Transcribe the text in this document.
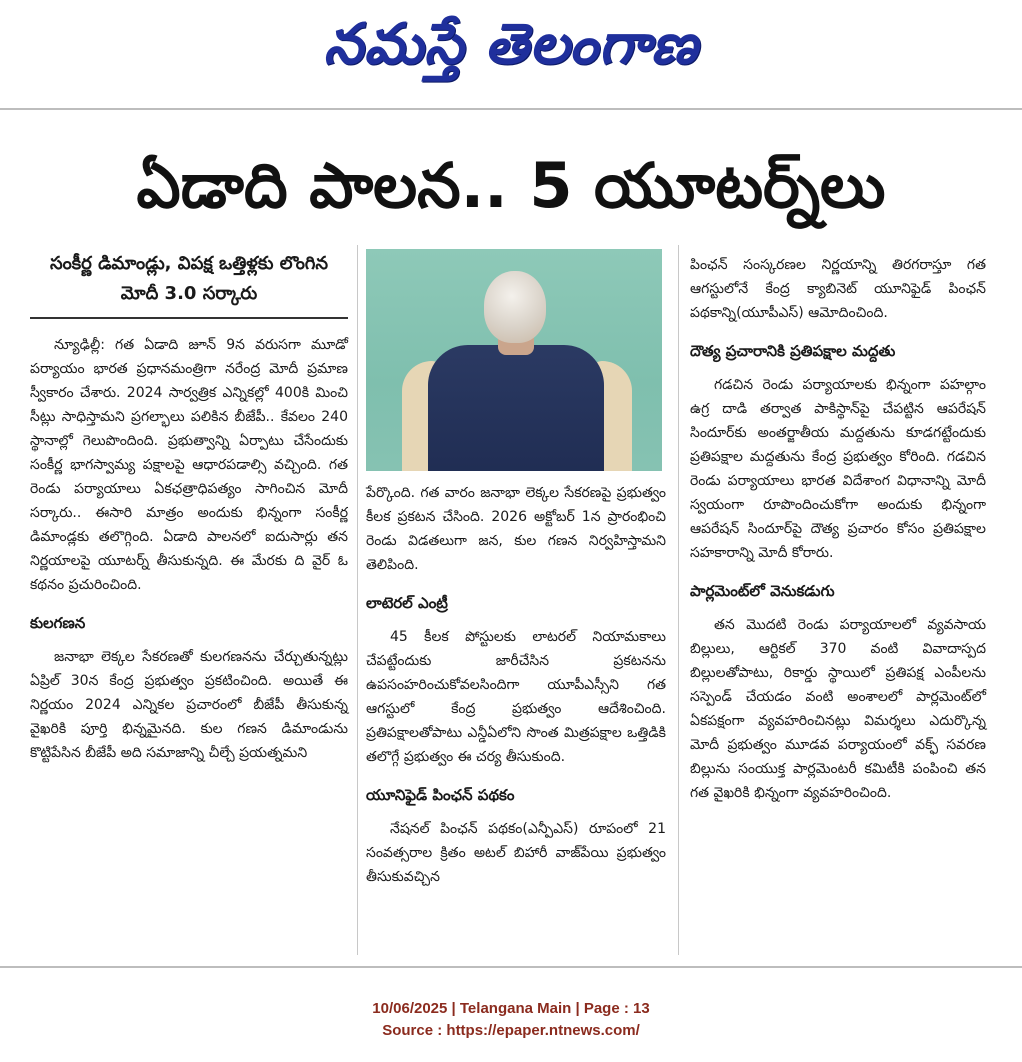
నమస్తే తెలంగాణ
ఏడాది పాలన.. 5 యూటర్న్‌లు
సంకీర్ణ డిమాండ్లు, విపక్ష ఒత్తిళ్లకు లొంగిన మోదీ 3.0 సర్కారు

న్యూఢిల్లీ: గత ఏడాది జూన్ 9న వరుసగా మూడో పర్యాయం భారత ప్రధానమంత్రిగా నరేంద్ర మోదీ ప్రమాణ స్వీకారం చేశారు. 2024 సార్వత్రిక ఎన్నికల్లో 400కి మించి సీట్లు సాధిస్తామని ప్రగల్భాలు పలికిన బీజేపీ.. కేవలం 240 స్థానాల్లో గెలుపొందింది. ప్రభుత్వాన్ని ఏర్పాటు చేసేందుకు సంకీర్ణ భాగస్వామ్య పక్షాలపై ఆధారపడాల్సి వచ్చింది. గత రెండు పర్యాయాలు ఏకఛత్రాధిపత్యం సాగించిన మోదీ సర్కారు.. ఈసారి మాత్రం అందుకు భిన్నంగా సంకీర్ణ డిమాండ్లకు తలొగ్గింది. ఏడాది పాలనలో ఐదుసార్లు తన నిర్ణయాలపై యూటర్న్ తీసుకున్నది. ఈ మేరకు ది వైర్ ఓ కథనం ప్రచురించింది.

కులగణన

జనాభా లెక్కల సేకరణతో కులగణనను చేర్చుతున్నట్లు ఏప్రిల్ 30న కేంద్ర ప్రభుత్వం ప్రకటించింది. అయితే ఈ నిర్ణయం 2024 ఎన్నికల ప్రచారంలో బీజేపీ తీసుకున్న వైఖరికి పూర్తి భిన్నమైనది. కుల గణన డిమాండును కొట్టిపేసిన బీజేపీ అది సమాజాన్ని చీల్చే ప్రయత్నమని

పేర్కొంది. గత వారం జనాభా లెక్కల సేకరణపై ప్రభుత్వం కీలక ప్రకటన చేసింది. 2026 అక్టోబర్ 1న ప్రారంభించి రెండు విడతలుగా జన, కుల గణన నిర్వహిస్తామని తెలిపింది.

లాటెరల్ ఎంట్రీ

45 కీలక పోస్టులకు లాటరల్ నియామకాలు చేపట్టేందుకు జారీచేసిన ప్రకటనను ఉపసంహరించుకోవలసిందిగా యూపీఎస్సీని గత ఆగస్టులో కేంద్ర ప్రభుత్వం ఆదేశించింది. ప్రతిపక్షాలతోపాటు ఎన్డీఏలోని సొంత మిత్రపక్షాల ఒత్తిడికి తలొగ్గే ప్రభుత్వం ఈ చర్య తీసుకుంది.

యూనిఫైడ్ పింఛన్ పథకం

నేషనల్ పింఛన్ పథకం(ఎన్పీఎస్) రూపంలో 21 సంవత్సరాల క్రితం అటల్ బిహారీ వాజ్‌పేయి ప్రభుత్వం తీసుకువచ్చిన

పింఛన్ సంస్కరణల నిర్ణయాన్ని తిరగరాస్తూ గత ఆగస్టులోనే కేంద్ర క్యాబినెట్ యూనిఫైడ్ పింఛన్ పథకాన్ని(యూపీఎస్) ఆమోదించింది.

దౌత్య ప్రచారానికి ప్రతిపక్షాల మద్దతు

గడచిన రెండు పర్యాయాలకు భిన్నంగా పహల్గాం ఉగ్ర దాడి తర్వాత పాకిస్థాన్‌పై చేపట్టిన ఆపరేషన్ సిందూర్‌కు అంతర్జాతీయ మద్దతును కూడగట్టేందుకు ప్రతిపక్షాల మద్దతును కేంద్ర ప్రభుత్వం కోరింది. గడచిన రెండు పర్యాయాలు భారత విదేశాంగ విధానాన్ని మోదీ స్వయంగా రూపొందించుకోగా అందుకు భిన్నంగా ఆపరేషన్ సిందూర్‌పై దౌత్య ప్రచారం కోసం ప్రతిపక్షాల సహకారాన్ని మోదీ కోరారు.

పార్లమెంట్‌లో వెనుకడుగు

తన మొదటి రెండు పర్యాయాలలో వ్యవసాయ బిల్లులు, ఆర్టికల్ 370 వంటి వివాదాస్పద బిల్లులతోపాటు, రికార్డు స్థాయిలో ప్రతిపక్ష ఎంపీలను సస్పెండ్ చేయడం వంటి అంశాలలో పార్లమెంట్‌లో ఏకపక్షంగా వ్యవహరించినట్లు విమర్శలు ఎదుర్కొన్న మోదీ ప్రభుత్వం మూడవ పర్యాయంలో వక్ఫ్ సవరణ బిల్లును సంయుక్త పార్లమెంటరీ కమిటీకి పంపించి తన గత వైఖరికి భిన్నంగా వ్యవహరించింది.

10/06/2025 | Telangana Main | Page : 13
Source : https://epaper.ntnews.com/
